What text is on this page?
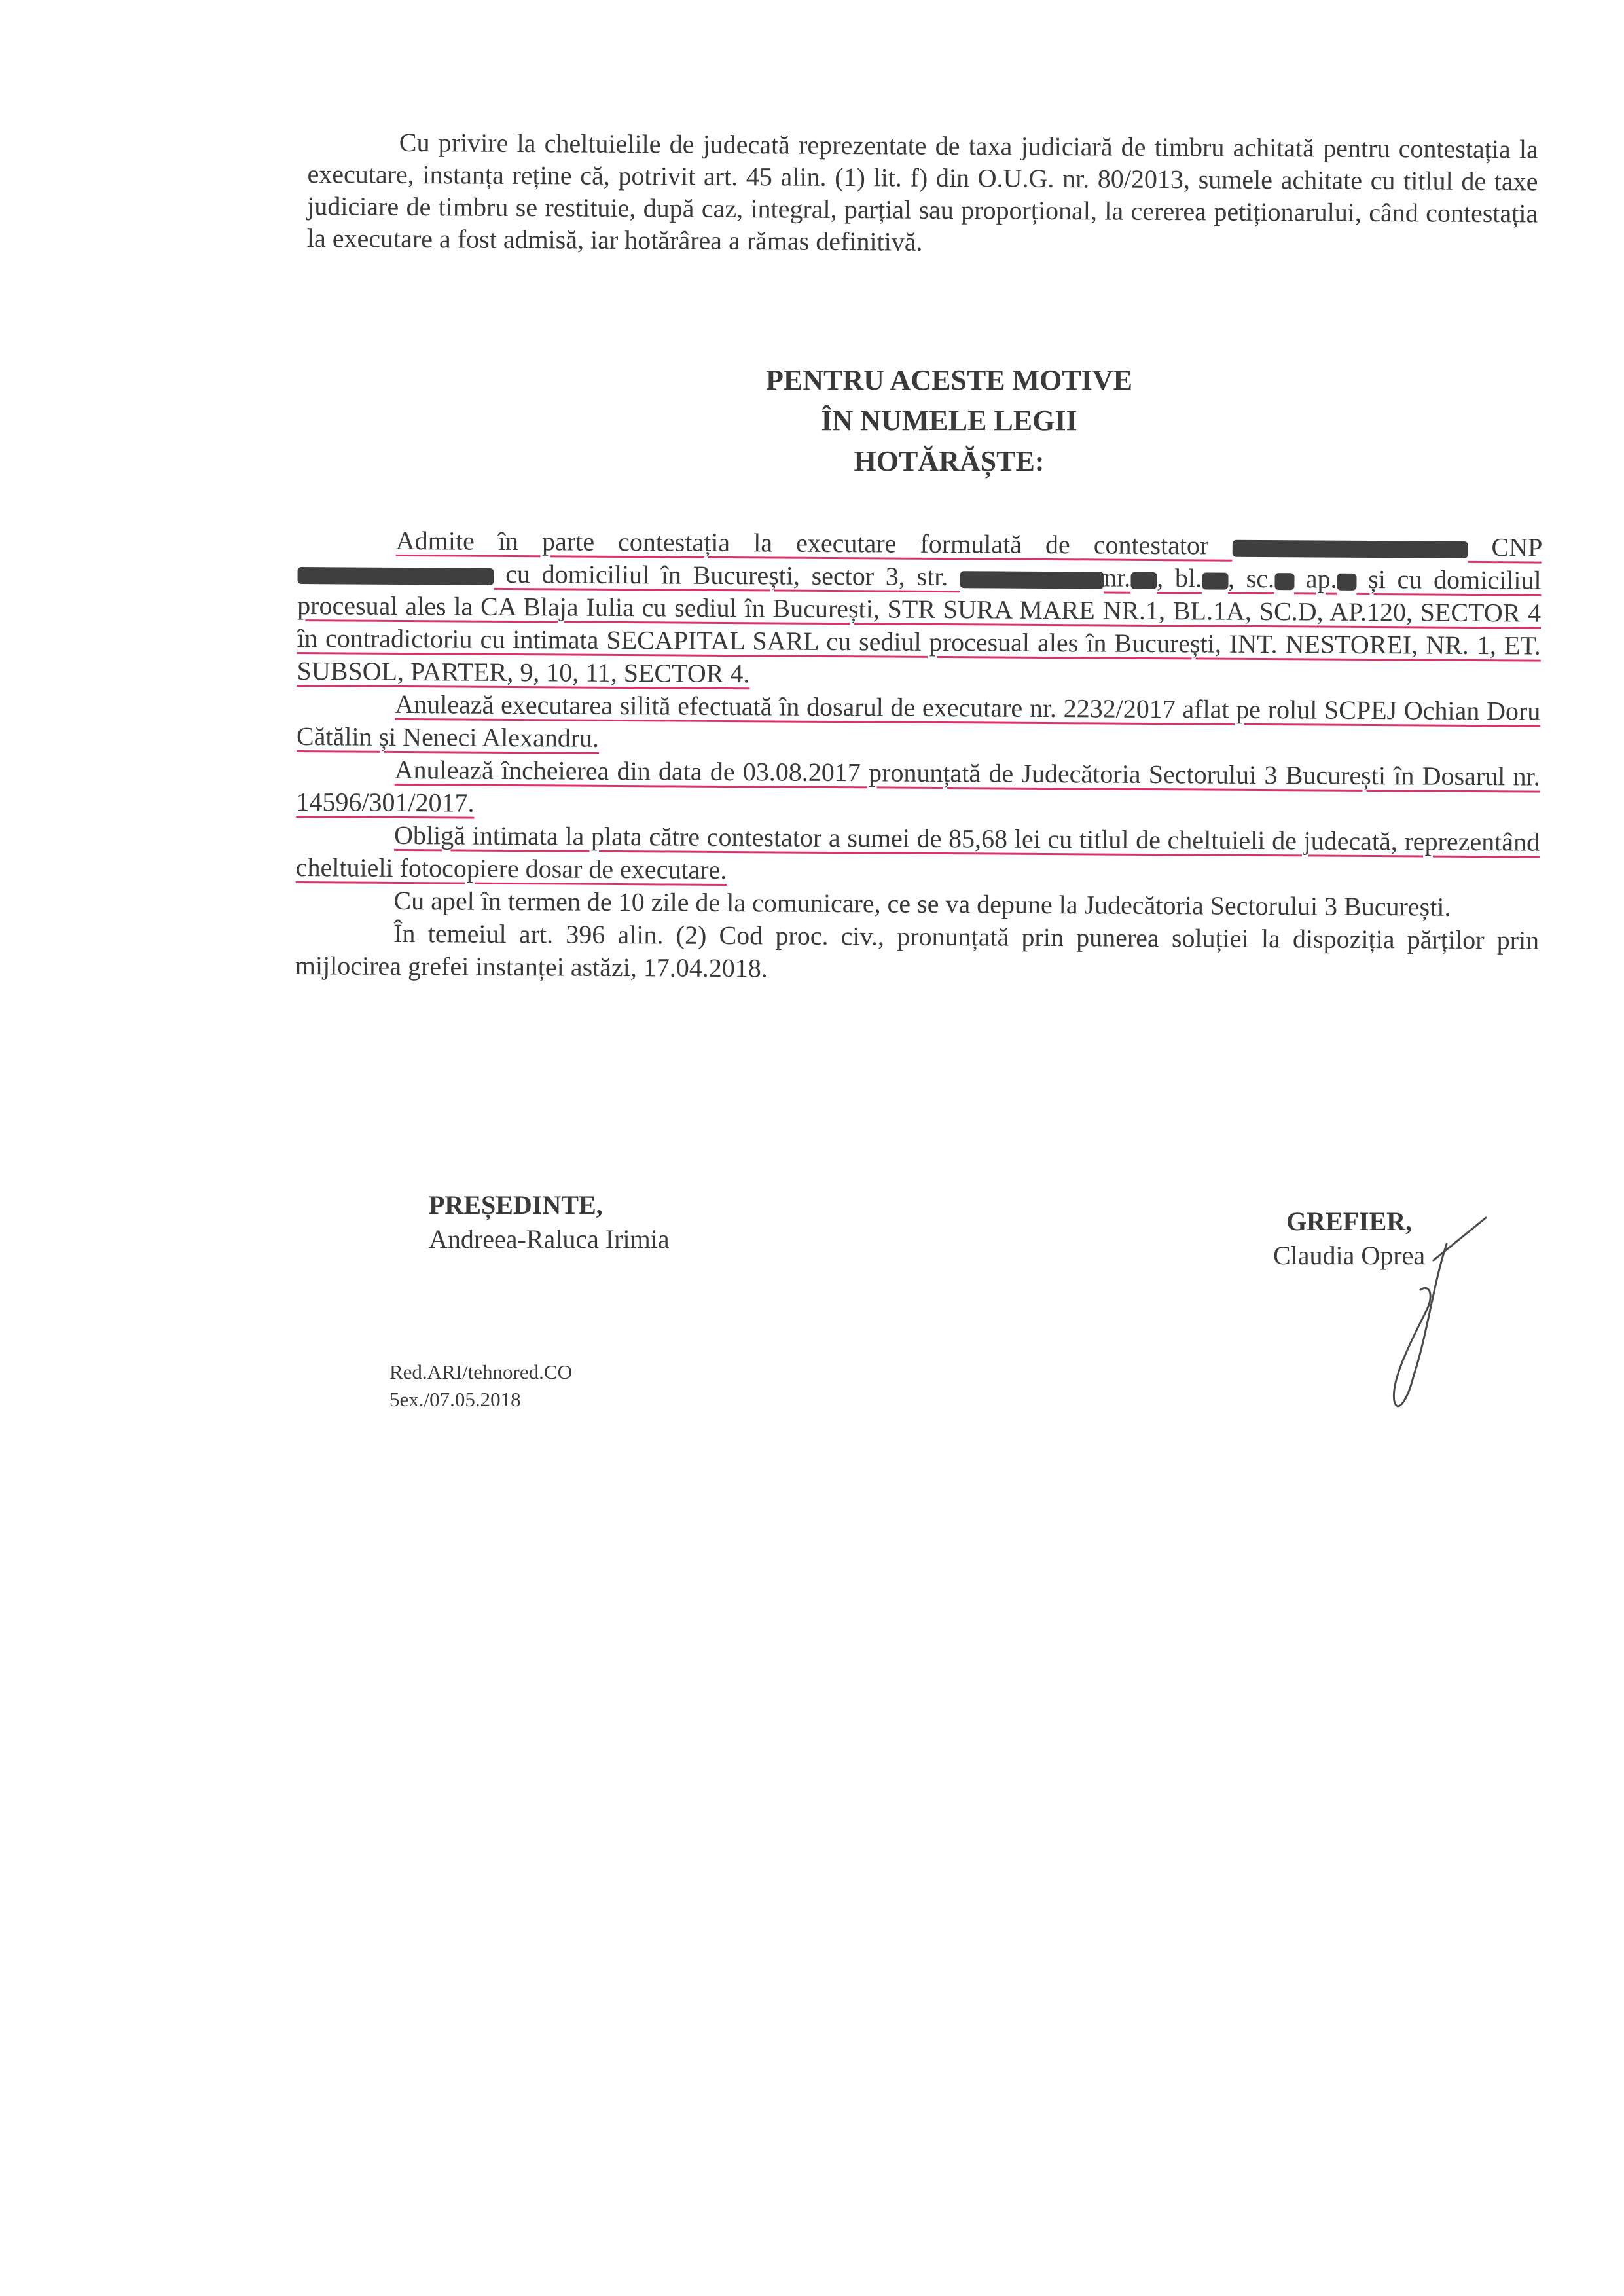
Cu privire la cheltuielile de judecată reprezentate de taxa judiciară de timbru achitată pentru contestația la executare, instanța reține că, potrivit art. 45 alin. (1) lit. f) din O.U.G. nr. 80/2013, sumele achitate cu titlul de taxe judiciare de timbru se restituie, după caz, integral, parțial sau proporțional, la cererea petiționarului, când contestația la executare a fost admisă, iar hotărârea a rămas definitivă.

PENTRU ACESTE MOTIVE

ÎN NUMELE LEGII

HOTĂRĂȘTE:

Admite în parte contestația la executare formulată de contestator	CNP  cu domiciliul în București, sector 3, str.	nr. , bl. , sc. ap. și cu domiciliul procesual ales la CA Blaja Iulia cu sediul în București, STR SURA MARE NR.1, BL.1A, SC.D, AP.120, SECTOR 4 în contradictoriu cu intimata SECAPITAL SARL cu sediul procesual ales în București, INT. NESTOREI, NR. 1, ET. SUBSOL, PARTER, 9, 10, 11, SECTOR 4.

Anulează executarea silită efectuată în dosarul de executare nr. 2232/2017 aflat pe rolul SCPEJ Ochian Doru Cătălin și Neneci Alexandru.

Anulează încheierea din data de 03.08.2017 pronunțată de Judecătoria Sectorului 3 București în Dosarul nr. 14596/301/2017.

Obligă intimata la plata către contestator a sumei de 85,68 lei cu titlul de cheltuieli de judecată, reprezentând cheltuieli fotocopiere dosar de executare.

Cu apel în termen de 10 zile de la comunicare, ce se va depune la Judecătoria Sectorului 3 București.

În temeiul art. 396 alin. (2) Cod proc. civ., pronunțată prin punerea soluției la dispoziția părților prin mijlocirea grefei instanței astăzi, 17.04.2018.

PREȘEDINTE,

Andreea-Raluca Irimia

GREFIER,

Claudia Oprea

Red.ARI/tehnored.CO
5ex./07.05.2018
